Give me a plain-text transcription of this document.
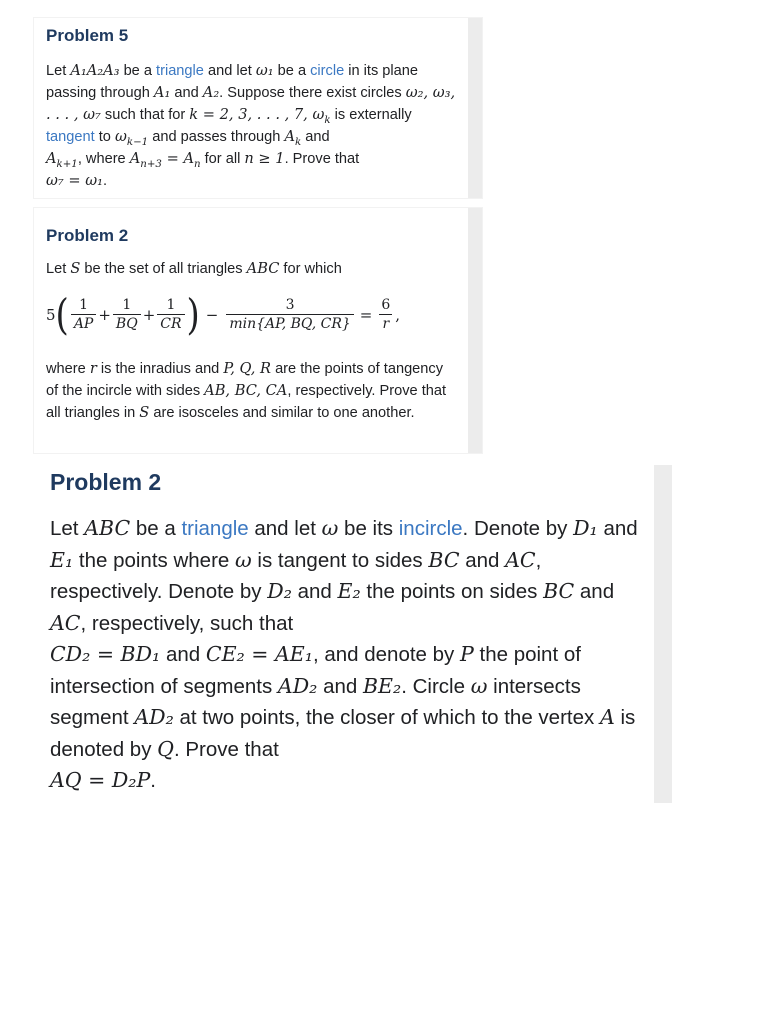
Problem 5

Let A₁A₂A₃ be a triangle and let ω₁ be a circle in its plane passing through A₁ and A₂. Suppose there exist circles ω₂, ω₃, . . . , ω₇ such that for k = 2, 3, . . . , 7, $\omega_k$ is externally tangent to $\omega_{k-1}$ and passes through $A_k$ and
$A_{k+1}$, where $A_{n+3} = A_n$ for all n ≥ 1. Prove that
ω₇ = ω₁.

Problem 2

Let S be the set of all triangles ABC for which

5 ( $\frac{1}{AP} + \frac{1}{BQ} + \frac{1}{CR}$ ) − $\frac{3}{\min\{AP, BQ, CR\}} = \frac{6}{r}$ ,

where r is the inradius and P, Q, R are the points of tangency of the incircle with sides AB, BC, CA, respectively. Prove that all triangles in S are isosceles and similar to one another.

Problem 2

Let ABC be a triangle and let ω be its incircle. Denote by D₁ and E₁ the points where ω is tangent to sides BC and AC, respectively. Denote by D₂ and E₂ the points on sides BC and AC, respectively, such that
CD₂ = BD₁ and CE₂ = AE₁, and denote by P the point of intersection of segments AD₂ and BE₂. Circle ω intersects segment AD₂ at two points, the closer of which to the vertex A is denoted by Q. Prove that
AQ = D₂P.
